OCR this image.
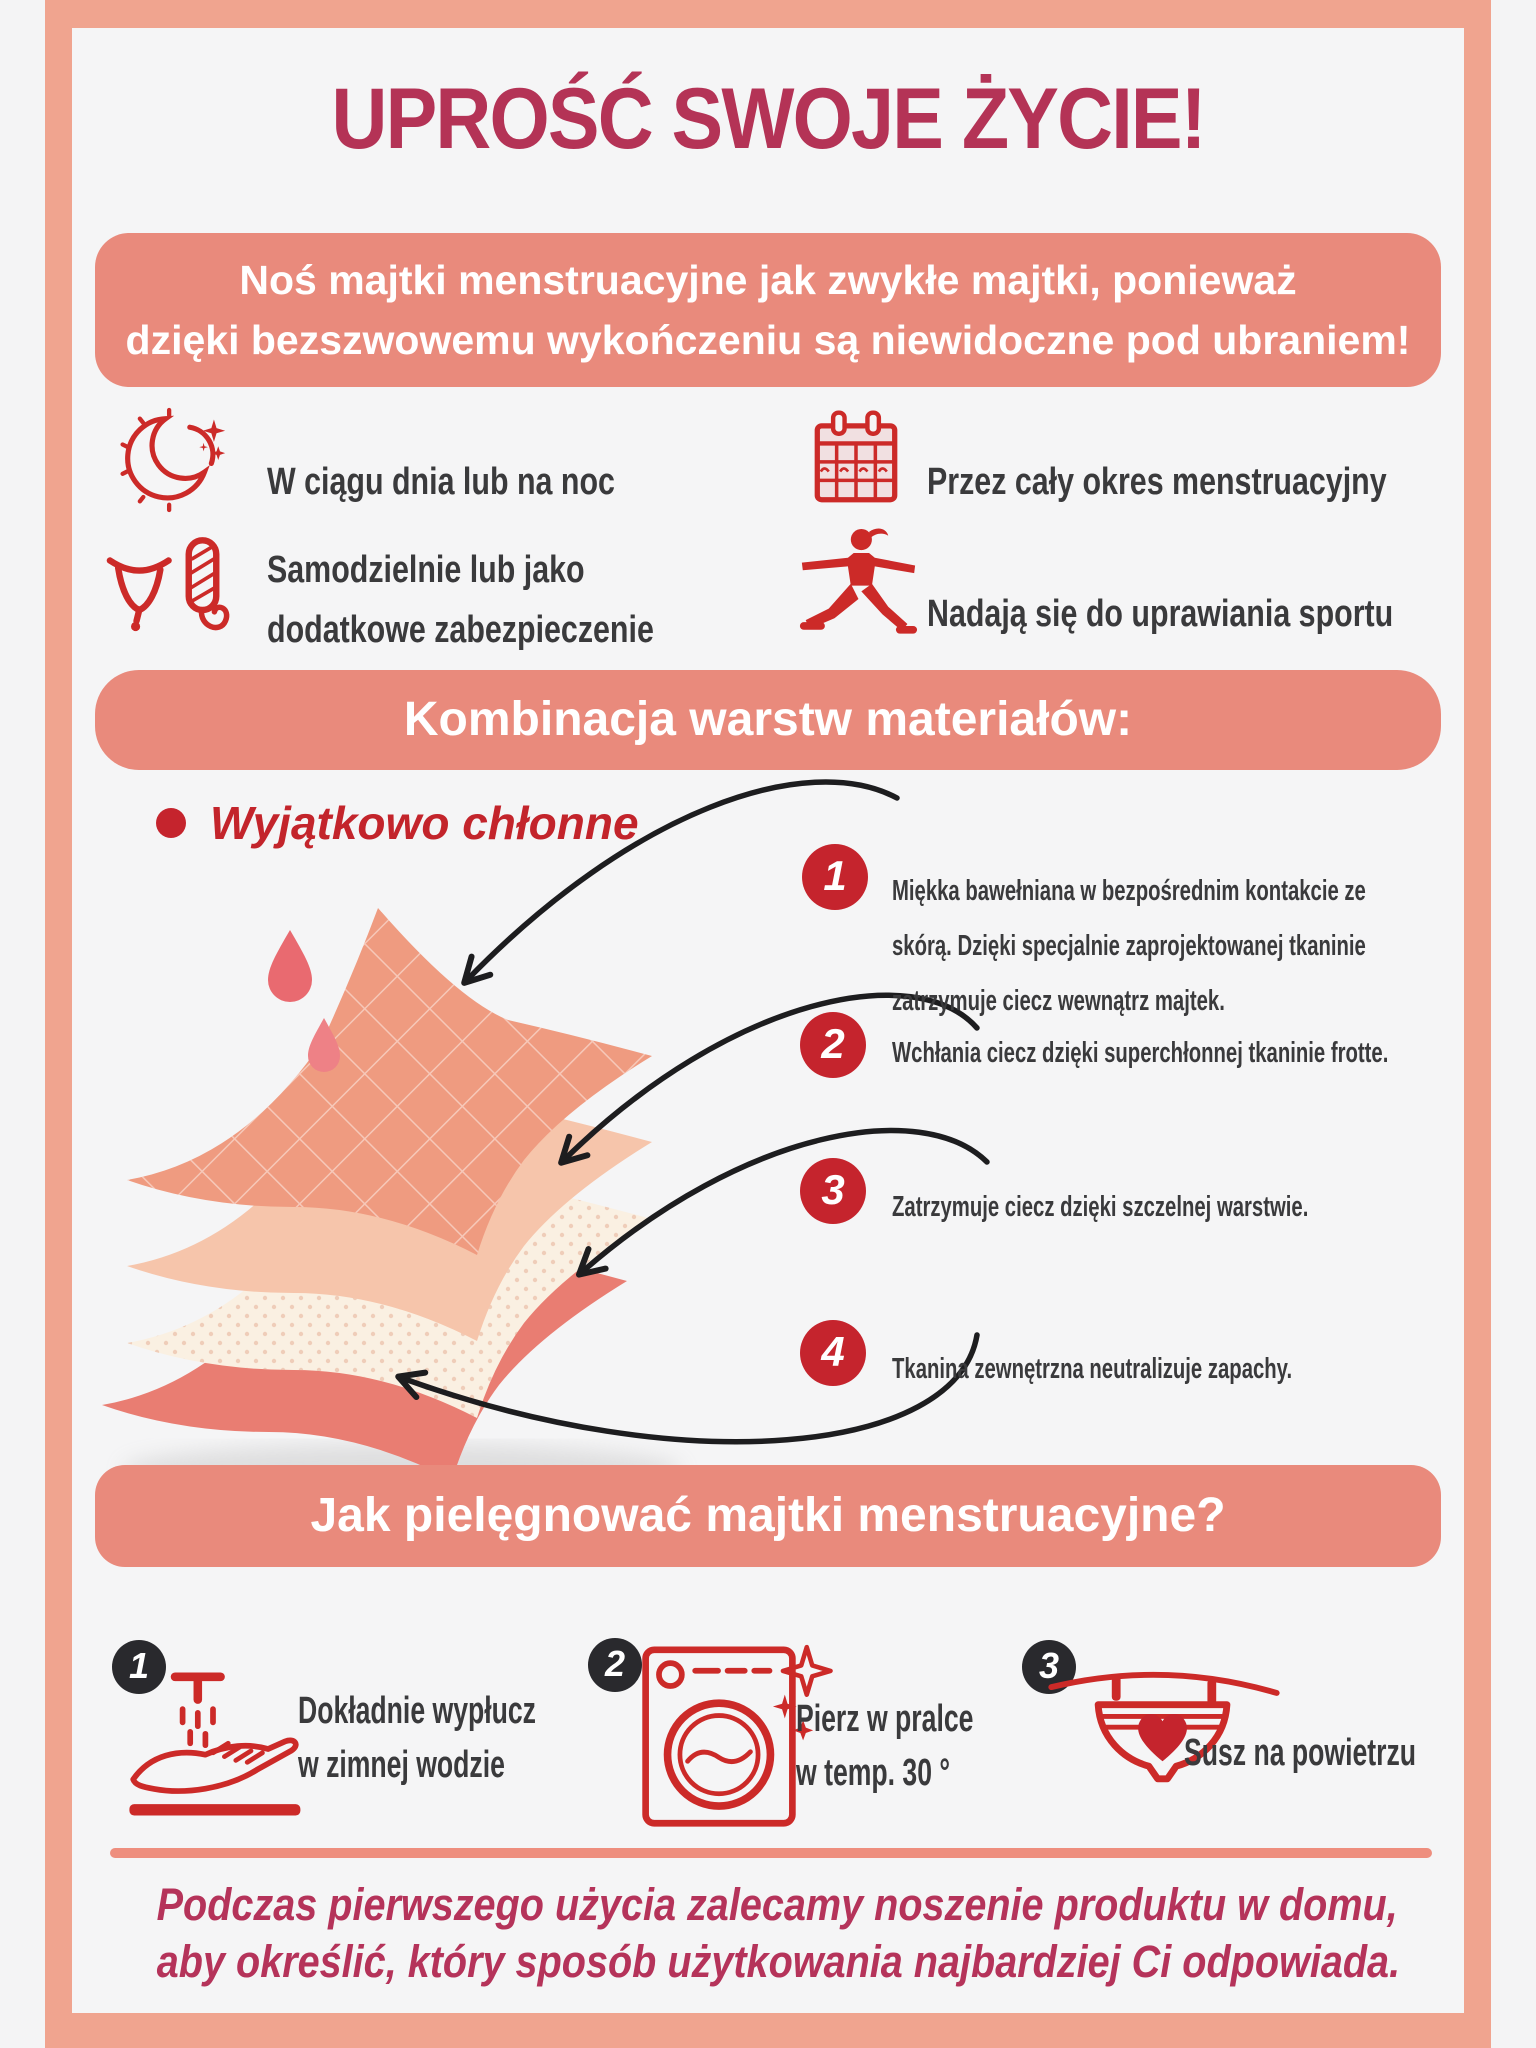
UPROŚĆ SWOJE ŻYCIE!
Noś majtki menstruacyjne jak zwykłe majtki, ponieważ
dzięki bezszwowemu wykończeniu są niewidoczne pod ubraniem!
W ciągu dnia lub na noc	Przez cały okres menstruacyjny
Samodzielnie lub jako
dodatkowe zabezpieczenie	Nadają się do uprawiania sportu
Kombinacja warstw materiałów:
Wyjątkowo chłonne
1	Miękka bawełniana w bezpośrednim kontakcie ze
skórą. Dzięki specjalnie zaprojektowanej tkaninie
zatrzymuje ciecz wewnątrz majtek.
2	Wchłania ciecz dzięki superchłonnej tkaninie frotte.
3	Zatrzymuje ciecz dzięki szczelnej warstwie.
4	Tkanina zewnętrzna neutralizuje zapachy.
Jak pielęgnować majtki menstruacyjne?
1
Dokładnie wypłucz
w zimnej wodzie
2
Pierz w pralce
w temp. 30 °
3
Susz na powietrzu
Podczas pierwszego użycia zalecamy noszenie produktu w domu,
aby określić, który sposób użytkowania najbardziej Ci odpowiada.
